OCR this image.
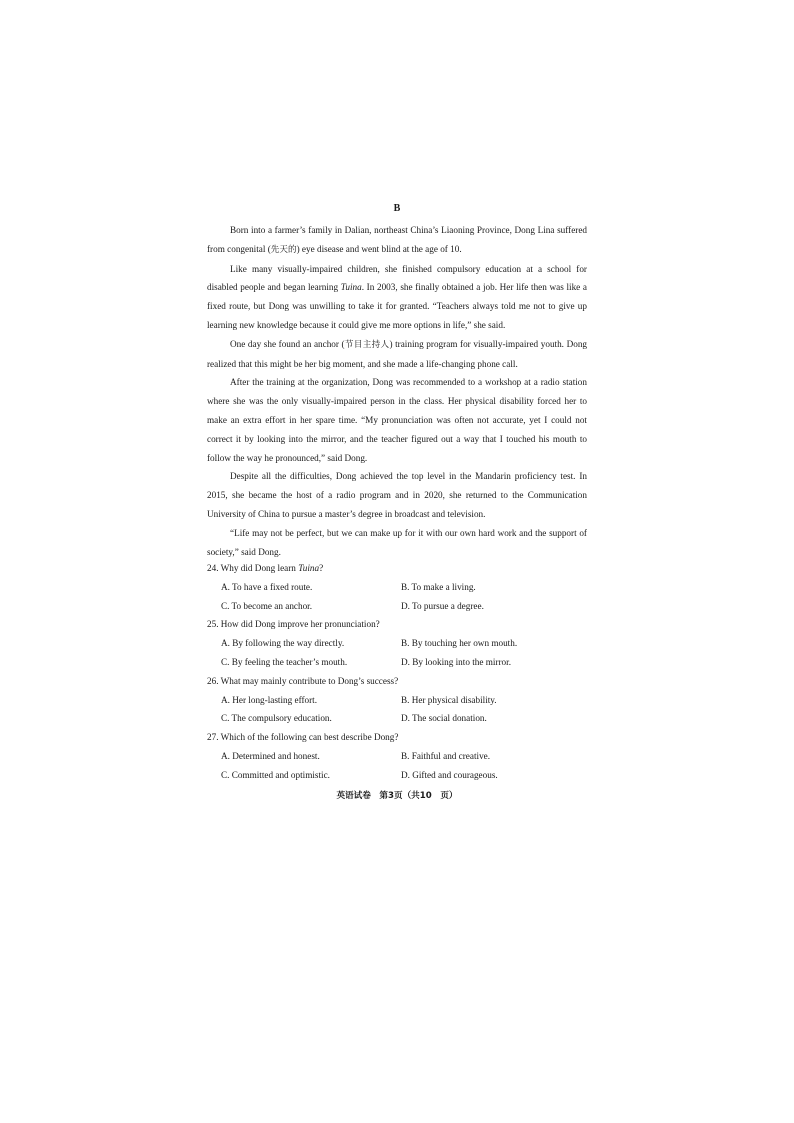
B

Born into a farmer’s family in Dalian, northeast China’s Liaoning Province, Dong Lina suffered from congenital (先天的) eye disease and went blind at the age of 10.

Like many visually-impaired children, she finished compulsory education at a school for disabled people and began learning Tuina. In 2003, she finally obtained a job. Her life then was like a fixed route, but Dong was unwilling to take it for granted. “Teachers always told me not to give up learning new knowledge because it could give me more options in life,” she said.

One day she found an anchor (节目主持人) training program for visually-impaired youth. Dong realized that this might be her big moment, and she made a life-changing phone call.

After the training at the organization, Dong was recommended to a workshop at a radio station where she was the only visually-impaired person in the class. Her physical disability forced her to make an extra effort in her spare time. “My pronunciation was often not accurate, yet I could not correct it by looking into the mirror, and the teacher figured out a way that I touched his mouth to follow the way he pronounced,” said Dong.

Despite all the difficulties, Dong achieved the top level in the Mandarin proficiency test. In 2015, she became the host of a radio program and in 2020, she returned to the Communication University of China to pursue a master’s degree in broadcast and television.

“Life may not be perfect, but we can make up for it with our own hard work and the support of society,” said Dong.

24. Why did Dong learn Tuina?

A. To have a fixed route.	B. To make a living.
C. To become an anchor.	D. To pursue a degree.

25. How did Dong improve her pronunciation?

A. By following the way directly.	B. By touching her own mouth.
C. By feeling the teacher’s mouth.	D. By looking into the mirror.

26. What may mainly contribute to Dong’s success?

A. Her long-lasting effort.	B. Her physical disability.
C. The compulsory education.	D. The social donation.

27. Which of the following can best describe Dong?

A. Determined and honest.	B. Faithful and creative.
C. Committed and optimistic.	D. Gifted and courageous.
英语试卷　第3页（共10　页）
